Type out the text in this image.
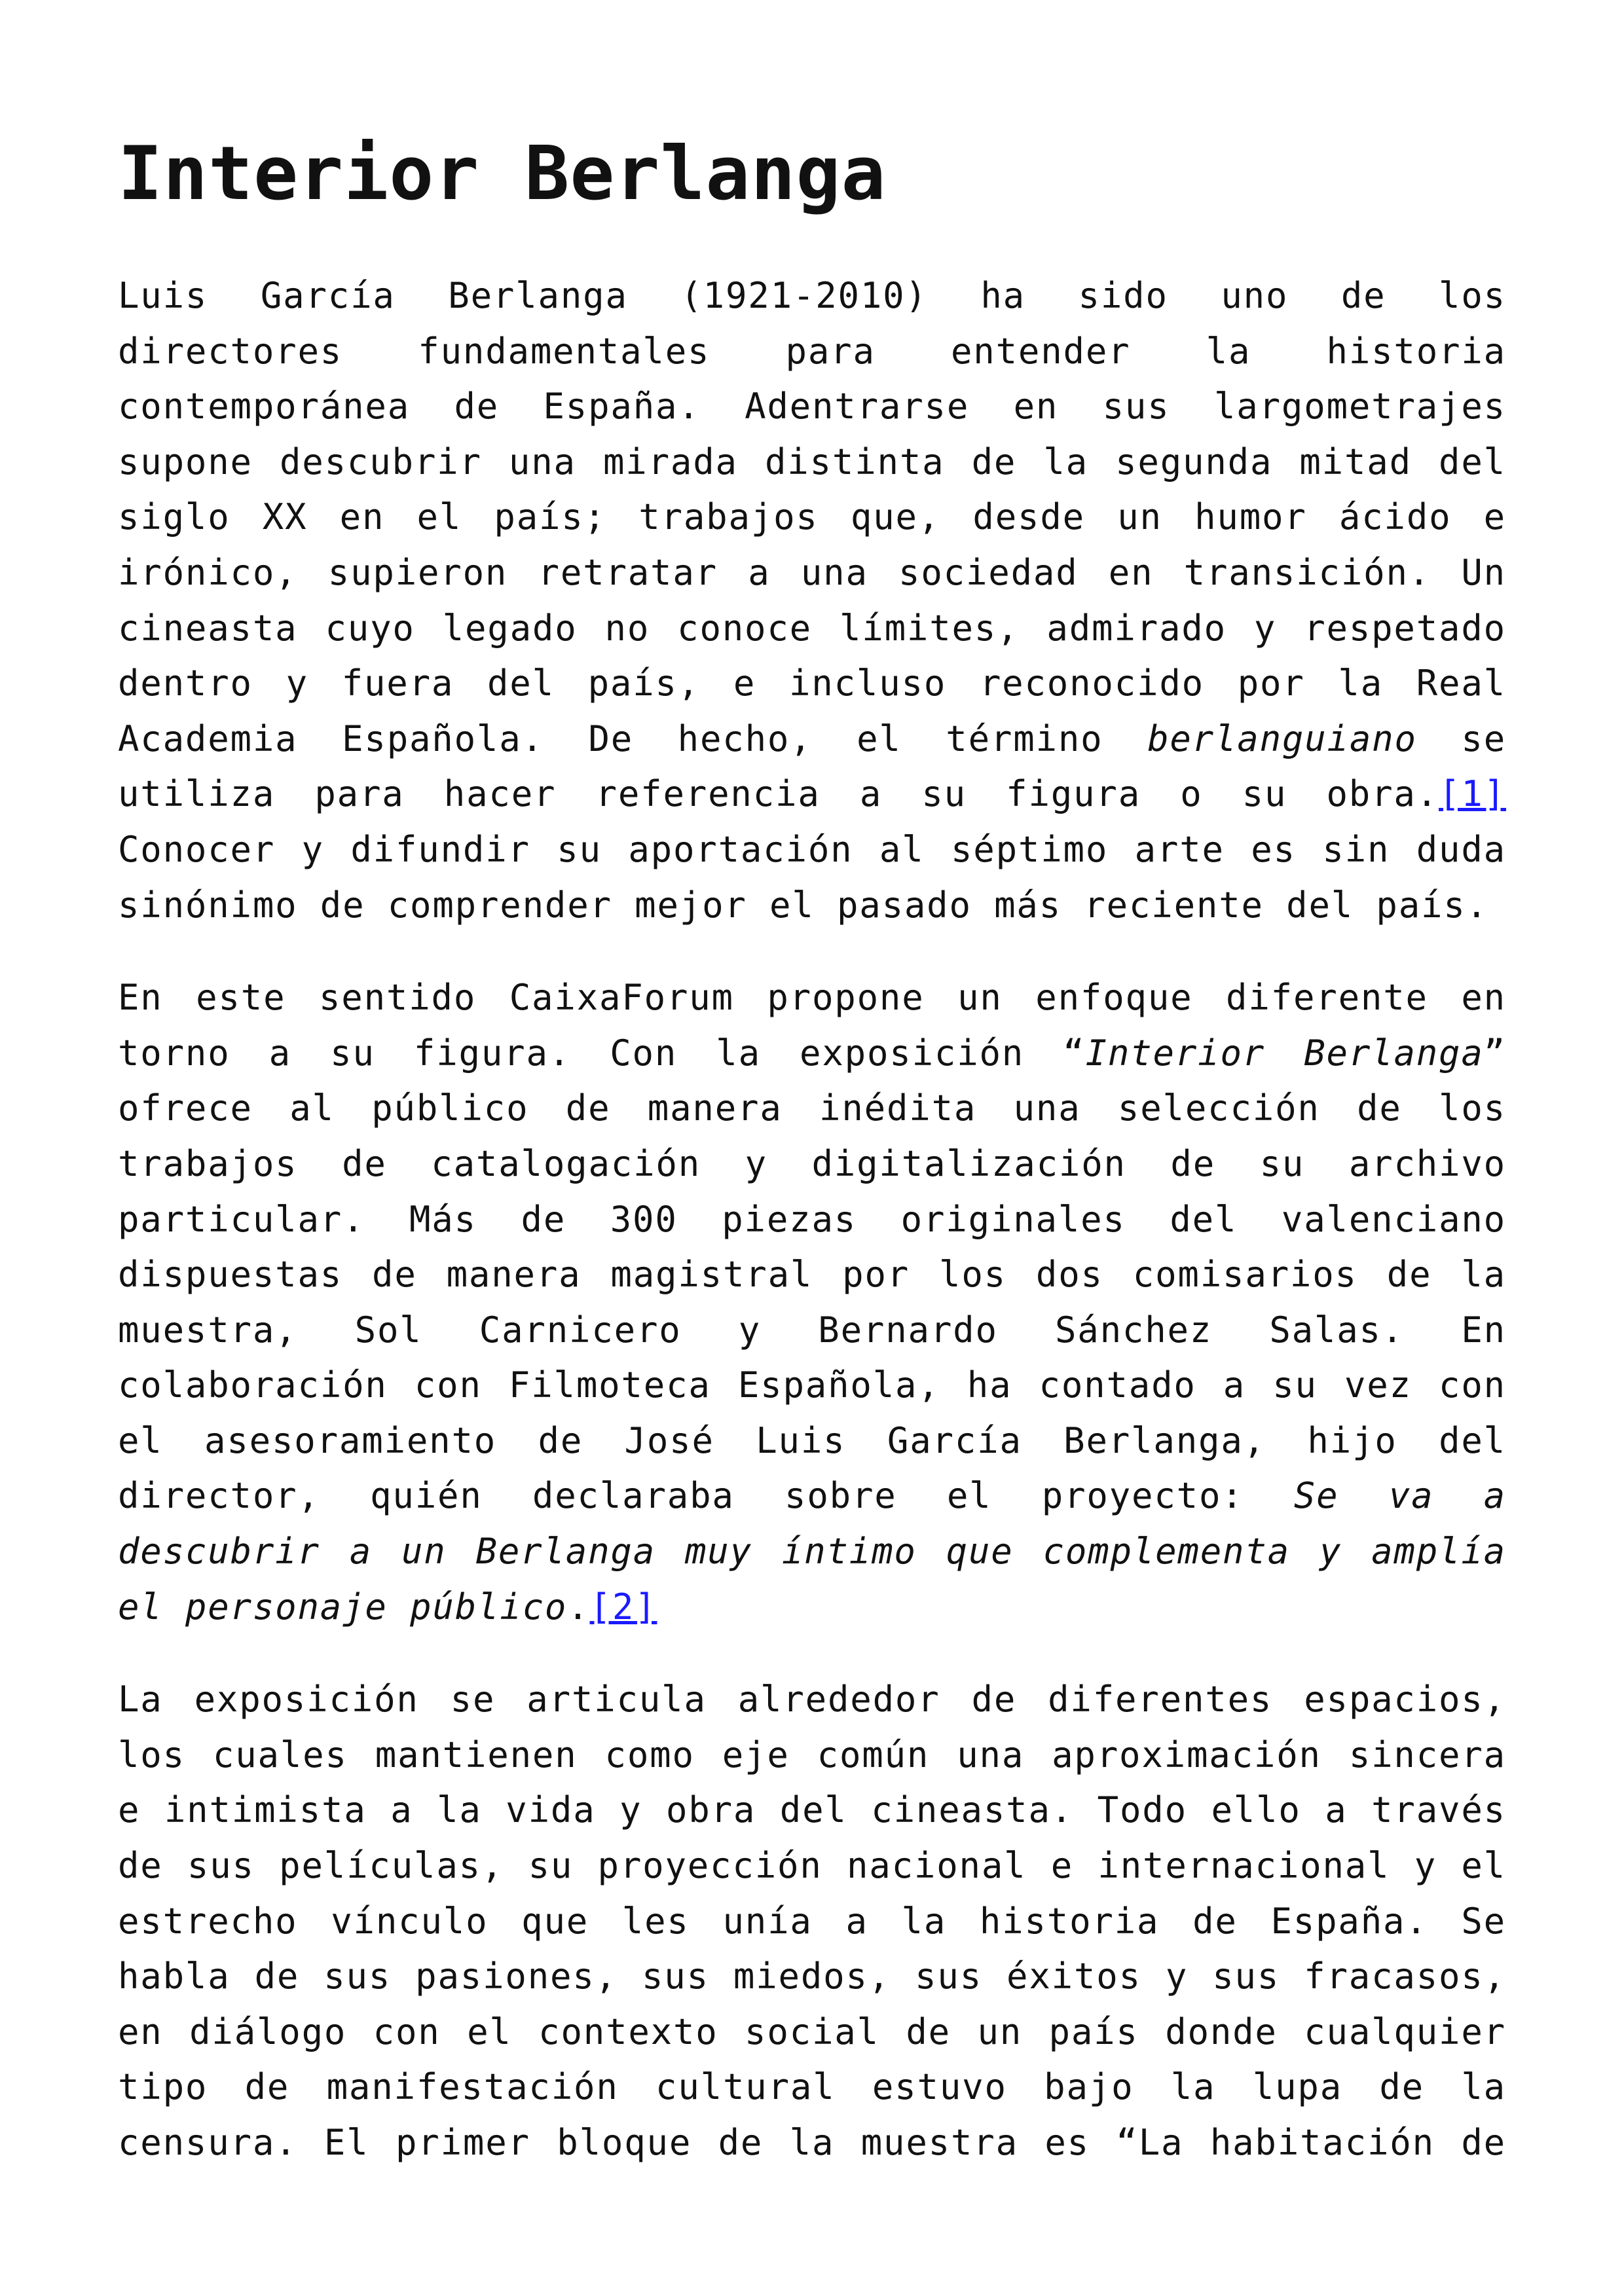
Interior Berlanga

Luis García Berlanga (1921-2010) ha sido uno de los directores fundamentales para entender la historia contemporánea de España. Adentrarse en sus largometrajes supone descubrir una mirada distinta de la segunda mitad del siglo XX en el país; trabajos que, desde un humor ácido e irónico, supieron retratar a una sociedad en transición. Un cineasta cuyo legado no conoce límites, admirado y respetado dentro y fuera del país, e incluso reconocido por la Real Academia Española. De hecho, el término berlanguiano se utiliza para hacer referencia a su figura o su obra.[1] Conocer y difundir su aportación al séptimo arte es sin duda sinónimo de comprender mejor el pasado más reciente del país.

En este sentido CaixaForum propone un enfoque diferente en torno a su figura. Con la exposición “Interior Berlanga” ofrece al público de manera inédita una selección de los trabajos de catalogación y digitalización de su archivo particular. Más de 300 piezas originales del valenciano dispuestas de manera magistral por los dos comisarios de la muestra, Sol Carnicero y Bernardo Sánchez Salas. En colaboración con Filmoteca Española, ha contado a su vez con el asesoramiento de José Luis García Berlanga, hijo del director, quién declaraba sobre el proyecto: Se va a descubrir a un Berlanga muy íntimo que complementa y amplía el personaje público.[2]

La exposición se articula alrededor de diferentes espacios, los cuales mantienen como eje común una aproximación sincera e intimista a la vida y obra del cineasta. Todo ello a través de sus películas, su proyección nacional e internacional y el estrecho vínculo que les unía a la historia de España. Se habla de sus pasiones, sus miedos, sus éxitos y sus fracasos, en diálogo con el contexto social de un país donde cualquier tipo de manifestación cultural estuvo bajo la lupa de la censura. El primer bloque de la muestra es “La habitación de
